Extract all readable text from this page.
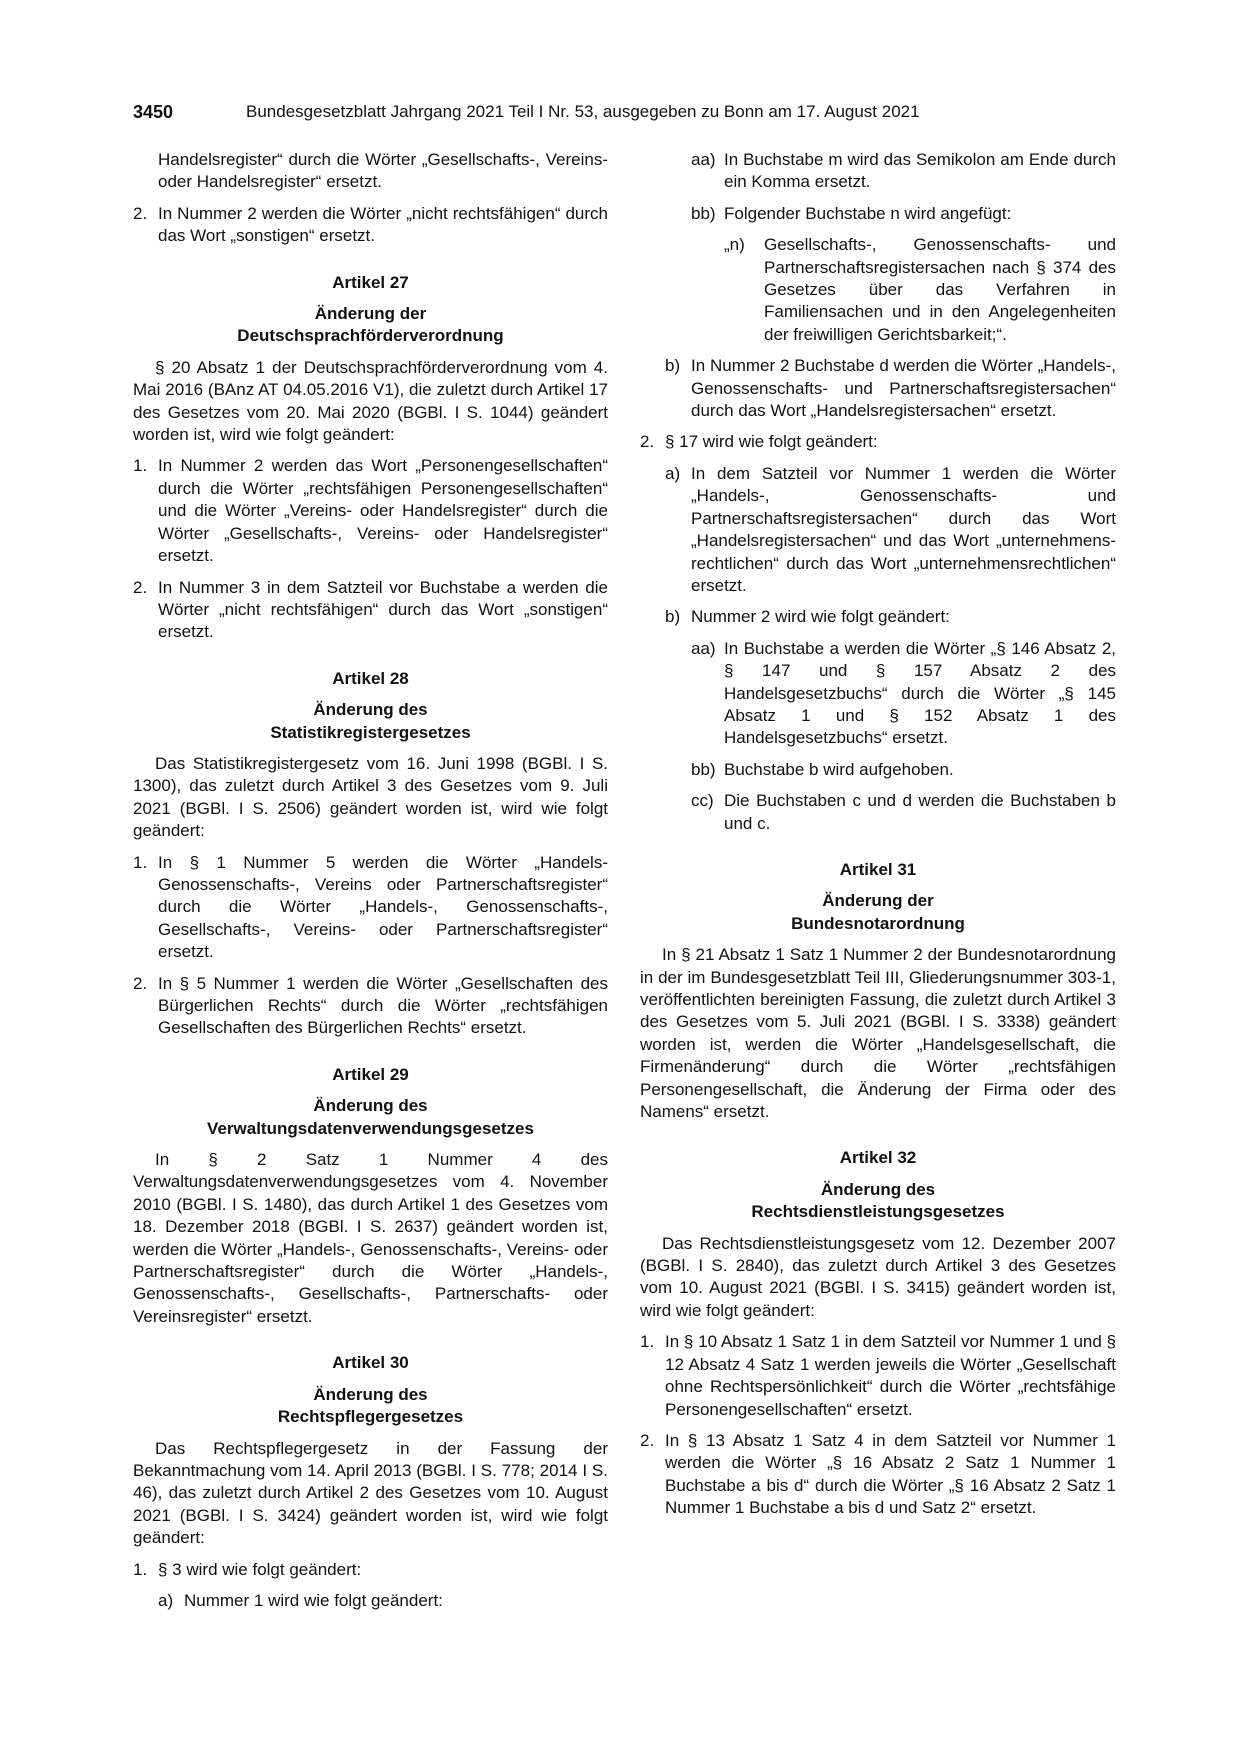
3450	Bundesgesetzblatt Jahrgang 2021 Teil I Nr. 53, ausgegeben zu Bonn am 17. August 2021
Handelsregister“ durch die Wörter „Gesellschafts-, Vereins- oder Handelsregister“ ersetzt.
2. In Nummer 2 werden die Wörter „nicht rechtsfähigen“ durch das Wort „sonstigen“ ersetzt.
Artikel 27
Änderung der
Deutschsprachförderverordnung
§ 20 Absatz 1 der Deutschsprachförderverordnung vom 4. Mai 2016 (BAnz AT 04.05.2016 V1), die zuletzt durch Artikel 17 des Gesetzes vom 20. Mai 2020 (BGBl. I S. 1044) geändert worden ist, wird wie folgt geändert:
1. In Nummer 2 werden das Wort „Personengesellschaften“ durch die Wörter „rechtsfähigen Personengesellschaften“ und die Wörter „Vereins- oder Handelsregister“ durch die Wörter „Gesellschafts-, Vereins- oder Handelsregister“ ersetzt.
2. In Nummer 3 in dem Satzteil vor Buchstabe a werden die Wörter „nicht rechtsfähigen“ durch das Wort „sonstigen“ ersetzt.
Artikel 28
Änderung des
Statistikregistergesetzes
Das Statistikregistergesetz vom 16. Juni 1998 (BGBl. I S. 1300), das zuletzt durch Artikel 3 des Gesetzes vom 9. Juli 2021 (BGBl. I S. 2506) geändert worden ist, wird wie folgt geändert:
1. In § 1 Nummer 5 werden die Wörter „Handels- Genossenschafts-, Vereins oder Partnerschaftsregister“ durch die Wörter „Handels-, Genossenschafts-, Gesellschafts-, Vereins- oder Partnerschaftsregister“ ersetzt.
2. In § 5 Nummer 1 werden die Wörter „Gesellschaften des Bürgerlichen Rechts“ durch die Wörter „rechtsfähigen Gesellschaften des Bürgerlichen Rechts“ ersetzt.
Artikel 29
Änderung des
Verwaltungsdatenverwendungsgesetzes
In § 2 Satz 1 Nummer 4 des Verwaltungsdatenverwendungsgesetzes vom 4. November 2010 (BGBl. I S. 1480), das durch Artikel 1 des Gesetzes vom 18. Dezember 2018 (BGBl. I S. 2637) geändert worden ist, werden die Wörter „Handels-, Genossenschafts-, Vereins- oder Partnerschaftsregister“ durch die Wörter „Handels-, Genossenschafts-, Gesellschafts-, Partnerschafts- oder Vereinsregister“ ersetzt.
Artikel 30
Änderung des
Rechtspflegergesetzes
Das Rechtspflegergesetz in der Fassung der Bekanntmachung vom 14. April 2013 (BGBl. I S. 778; 2014 I S. 46), das zuletzt durch Artikel 2 des Gesetzes vom 10. August 2021 (BGBl. I S. 3424) geändert worden ist, wird wie folgt geändert:
1. § 3 wird wie folgt geändert:
a) Nummer 1 wird wie folgt geändert:
aa) In Buchstabe m wird das Semikolon am Ende durch ein Komma ersetzt.
bb) Folgender Buchstabe n wird angefügt:
„n) Gesellschafts-, Genossenschafts- und Partnerschaftsregistersachen nach § 374 des Gesetzes über das Verfahren in Familiensachen und in den Angelegenheiten der freiwilligen Gerichtsbarkeit;“.
b) In Nummer 2 Buchstabe d werden die Wörter „Handels-, Genossenschafts- und Partnerschaftsregistersachen“ durch das Wort „Handelsregistersachen“ ersetzt.
2. § 17 wird wie folgt geändert:
a) In dem Satzteil vor Nummer 1 werden die Wörter „Handels-, Genossenschafts- und Partnerschaftsregistersachen“ durch das Wort „Handelsregistersachen“ und das Wort „unternehmens-rechtlichen“ durch das Wort „unternehmensrechtlichen“ ersetzt.
b) Nummer 2 wird wie folgt geändert:
aa) In Buchstabe a werden die Wörter „§ 146 Absatz 2, § 147 und § 157 Absatz 2 des Handelsgesetzbuchs“ durch die Wörter „§ 145 Absatz 1 und § 152 Absatz 1 des Handelsgesetzbuchs“ ersetzt.
bb) Buchstabe b wird aufgehoben.
cc) Die Buchstaben c und d werden die Buchstaben b und c.
Artikel 31
Änderung der
Bundesnotarordnung
In § 21 Absatz 1 Satz 1 Nummer 2 der Bundesnotarordnung in der im Bundesgesetzblatt Teil III, Gliederungsnummer 303-1, veröffentlichten bereinigten Fassung, die zuletzt durch Artikel 3 des Gesetzes vom 5. Juli 2021 (BGBl. I S. 3338) geändert worden ist, werden die Wörter „Handelsgesellschaft, die Firmenänderung“ durch die Wörter „rechtsfähigen Personengesellschaft, die Änderung der Firma oder des Namens“ ersetzt.
Artikel 32
Änderung des
Rechtsdienstleistungsgesetzes
Das Rechtsdienstleistungsgesetz vom 12. Dezember 2007 (BGBl. I S. 2840), das zuletzt durch Artikel 3 des Gesetzes vom 10. August 2021 (BGBl. I S. 3415) geändert worden ist, wird wie folgt geändert:
1. In § 10 Absatz 1 Satz 1 in dem Satzteil vor Nummer 1 und § 12 Absatz 4 Satz 1 werden jeweils die Wörter „Gesellschaft ohne Rechtspersönlichkeit“ durch die Wörter „rechtsfähige Personengesellschaften“ ersetzt.
2. In § 13 Absatz 1 Satz 4 in dem Satzteil vor Nummer 1 werden die Wörter „§ 16 Absatz 2 Satz 1 Nummer 1 Buchstabe a bis d“ durch die Wörter „§ 16 Absatz 2 Satz 1 Nummer 1 Buchstabe a bis d und Satz 2“ ersetzt.
